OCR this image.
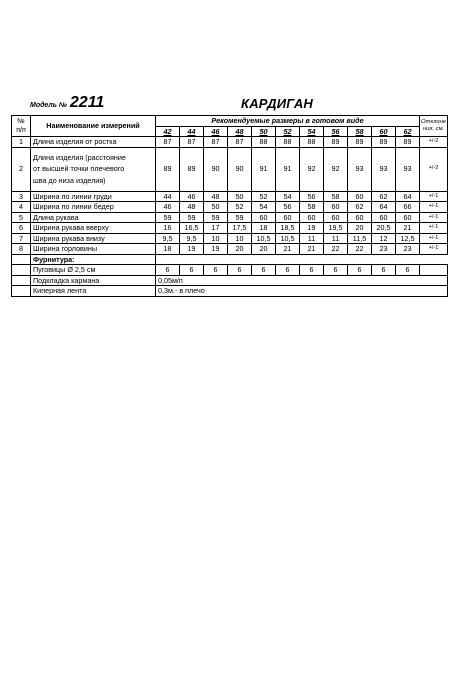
Модель № 2211	КАРДИГАН
№
п/п	Наименование измерений	Рекомендуемые размеры в готовом виде											Отклоне
ния, см.
		42	44	46	48	50	52	54	56	58	60	62	
1	Длина изделия от ростка	87	87	87	87	88	88	88	89	89	89	89	+/-2
2	Длина изделия (расстояние
от высшей точки плечевого
шва до низа изделия)	89	89	90	90	91	91	92	92	93	93	93	+/-2
3	Ширина по линии груди	44	46	48	50	52	54	56	58	60	62	64	+/-1
4	Ширина по линии бедер	46	48	50	52	54	56	58	60	62	64	66	+/-1
5	Длина рукава	59	59	59	59	60	60	60	60	60	60	60	+/-1
6	Ширина рукава вверху	16	16,5	17	17,5	18	18,5	19	19,5	20	20,5	21	+/-1
7	Ширина рукава внизу	9,5	9,5	10	10	10,5	10,5	11	11	11,5	12	12,5	+/-1
8	Ширина горловины	18	19	19	20	20	21	21	22	22	23	23	+/-1
	Фурнитура:												
	Пуговицы Ø 2,5 см	6	6	6	6	6	6	6	6	6	6	6	
	Подкладка кармана	0,05м/п											
	Киперная лента	0,3м.- в плечо											
